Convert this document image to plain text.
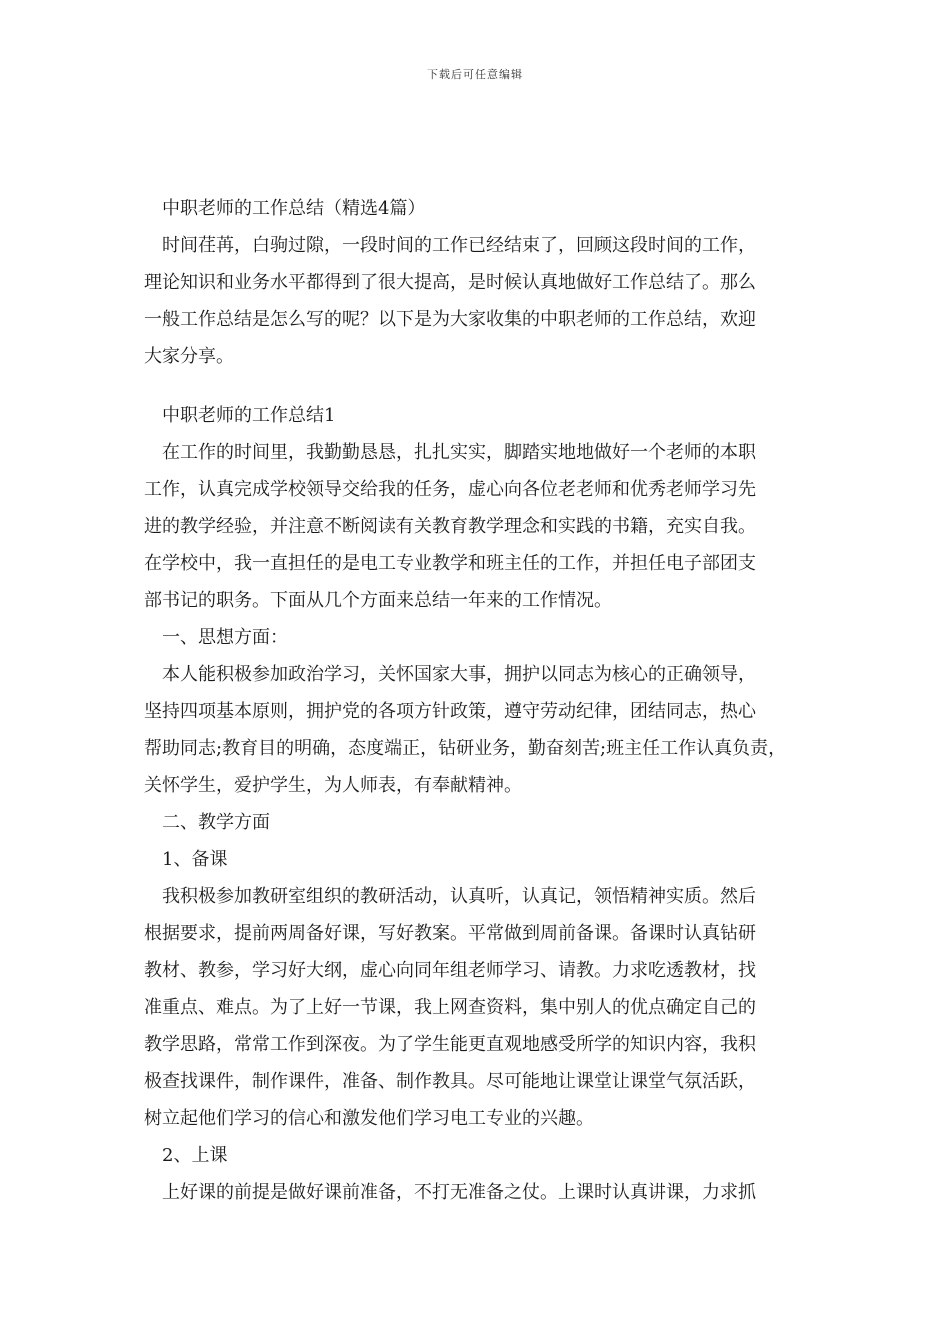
下载后可任意编辑
中职老师的工作总结（精选4篇）
时间荏苒，白驹过隙，一段时间的工作已经结束了，回顾这段时间的工作，
理论知识和业务水平都得到了很大提高，是时候认真地做好工作总结了。那么
一般工作总结是怎么写的呢？以下是为大家收集的中职老师的工作总结，欢迎
大家分享。
中职老师的工作总结1
在工作的时间里，我勤勤恳恳，扎扎实实，脚踏实地地做好一个老师的本职
工作，认真完成学校领导交给我的任务，虚心向各位老老师和优秀老师学习先
进的教学经验，并注意不断阅读有关教育教学理念和实践的书籍，充实自我。
在学校中，我一直担任的是电工专业教学和班主任的工作，并担任电子部团支
部书记的职务。下面从几个方面来总结一年来的工作情况。
一、思想方面：
本人能积极参加政治学习，关怀国家大事，拥护以同志为核心的正确领导，
坚持四项基本原则，拥护党的各项方针政策，遵守劳动纪律，团结同志，热心
帮助同志;教育目的明确，态度端正，钻研业务，勤奋刻苦;班主任工作认真负责，
关怀学生，爱护学生，为人师表，有奉献精神。
二、教学方面
1、备课
我积极参加教研室组织的教研活动，认真听，认真记，领悟精神实质。然后
根据要求，提前两周备好课，写好教案。平常做到周前备课。备课时认真钻研
教材、教参，学习好大纲，虚心向同年组老师学习、请教。力求吃透教材，找
准重点、难点。为了上好一节课，我上网查资料，集中别人的优点确定自己的
教学思路，常常工作到深夜。为了学生能更直观地感受所学的知识内容，我积
极查找课件，制作课件，准备、制作教具。尽可能地让课堂让课堂气氛活跃，
树立起他们学习的信心和激发他们学习电工专业的兴趣。
2、上课
上好课的前提是做好课前准备，不打无准备之仗。上课时认真讲课，力求抓
